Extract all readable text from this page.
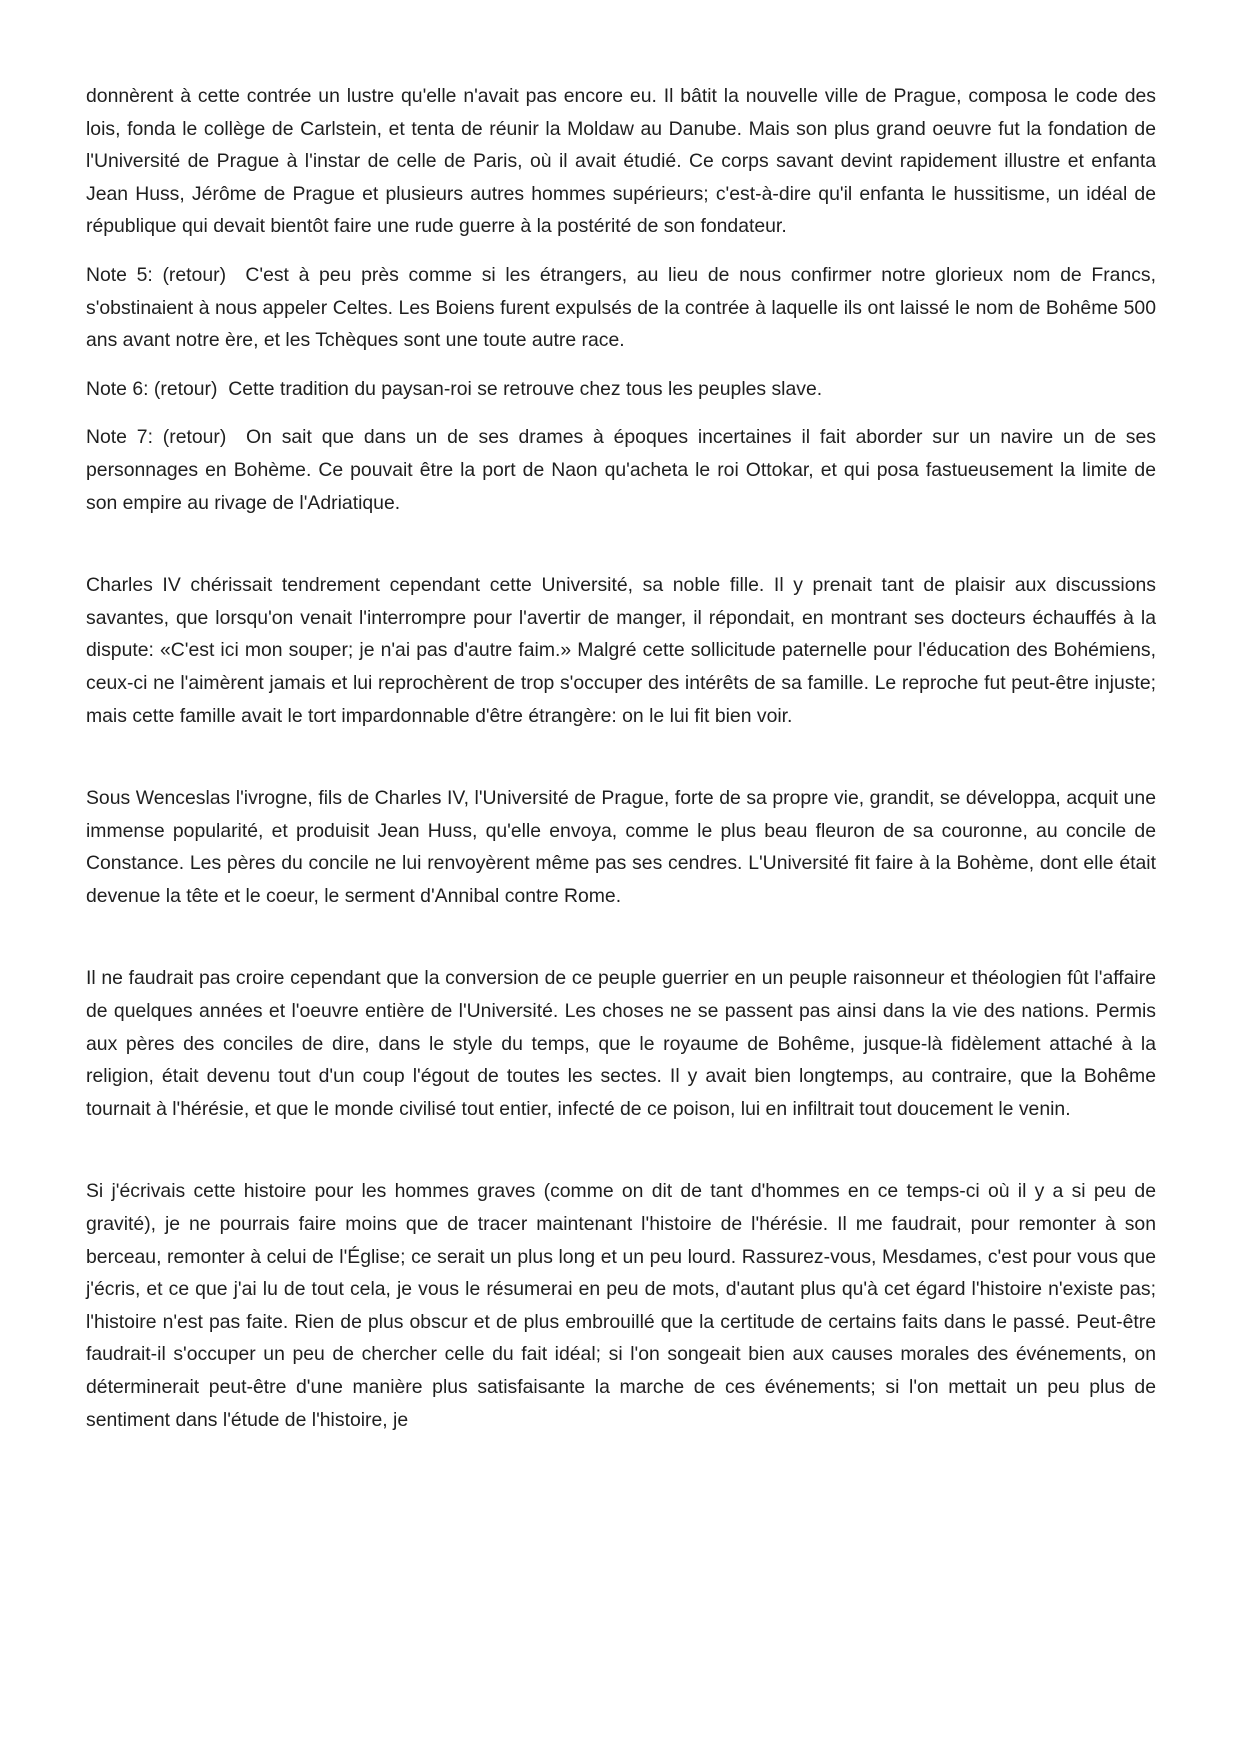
donnèrent à cette contrée un lustre qu'elle n'avait pas encore eu. Il bâtit la nouvelle ville de Prague, composa le code des lois, fonda le collège de Carlstein, et tenta de réunir la Moldaw au Danube. Mais son plus grand oeuvre fut la fondation de l'Université de Prague à l'instar de celle de Paris, où il avait étudié. Ce corps savant devint rapidement illustre et enfanta Jean Huss, Jérôme de Prague et plusieurs autres hommes supérieurs; c'est-à-dire qu'il enfanta le hussitisme, un idéal de république qui devait bientôt faire une rude guerre à la postérité de son fondateur.

Note 5: (retour)  C'est à peu près comme si les étrangers, au lieu de nous confirmer notre glorieux nom de Francs, s'obstinaient à nous appeler Celtes. Les Boiens furent expulsés de la contrée à laquelle ils ont laissé le nom de Bohême 500 ans avant notre ère, et les Tchèques sont une toute autre race.

Note 6: (retour)  Cette tradition du paysan-roi se retrouve chez tous les peuples slave.

Note 7: (retour)  On sait que dans un de ses drames à époques incertaines il fait aborder sur un navire un de ses personnages en Bohème. Ce pouvait être la port de Naon qu'acheta le roi Ottokar, et qui posa fastueusement la limite de son empire au rivage de l'Adriatique.

Charles IV chérissait tendrement cependant cette Université, sa noble fille. Il y prenait tant de plaisir aux discussions savantes, que lorsqu'on venait l'interrompre pour l'avertir de manger, il répondait, en montrant ses docteurs échauffés à la dispute: «C'est ici mon souper; je n'ai pas d'autre faim.» Malgré cette sollicitude paternelle pour l'éducation des Bohémiens, ceux-ci ne l'aimèrent jamais et lui reprochèrent de trop s'occuper des intérêts de sa famille. Le reproche fut peut-être injuste; mais cette famille avait le tort impardonnable d'être étrangère: on le lui fit bien voir.

Sous Wenceslas l'ivrogne, fils de Charles IV, l'Université de Prague, forte de sa propre vie, grandit, se développa, acquit une immense popularité, et produisit Jean Huss, qu'elle envoya, comme le plus beau fleuron de sa couronne, au concile de Constance. Les pères du concile ne lui renvoyèrent même pas ses cendres. L'Université fit faire à la Bohème, dont elle était devenue la tête et le coeur, le serment d'Annibal contre Rome.

Il ne faudrait pas croire cependant que la conversion de ce peuple guerrier en un peuple raisonneur et théologien fût l'affaire de quelques années et l'oeuvre entière de l'Université. Les choses ne se passent pas ainsi dans la vie des nations. Permis aux pères des conciles de dire, dans le style du temps, que le royaume de Bohême, jusque-là fidèlement attaché à la religion, était devenu tout d'un coup l'égout de toutes les sectes. Il y avait bien longtemps, au contraire, que la Bohême tournait à l'hérésie, et que le monde civilisé tout entier, infecté de ce poison, lui en infiltrait tout doucement le venin.

Si j'écrivais cette histoire pour les hommes graves (comme on dit de tant d'hommes en ce temps-ci où il y a si peu de gravité), je ne pourrais faire moins que de tracer maintenant l'histoire de l'hérésie. Il me faudrait, pour remonter à son berceau, remonter à celui de l'Église; ce serait un plus long et un peu lourd. Rassurez-vous, Mesdames, c'est pour vous que j'écris, et ce que j'ai lu de tout cela, je vous le résumerai en peu de mots, d'autant plus qu'à cet égard l'histoire n'existe pas; l'histoire n'est pas faite. Rien de plus obscur et de plus embrouillé que la certitude de certains faits dans le passé. Peut-être faudrait-il s'occuper un peu de chercher celle du fait idéal; si l'on songeait bien aux causes morales des événements, on déterminerait peut-être d'une manière plus satisfaisante la marche de ces événements; si l'on mettait un peu plus de sentiment dans l'étude de l'histoire, je
